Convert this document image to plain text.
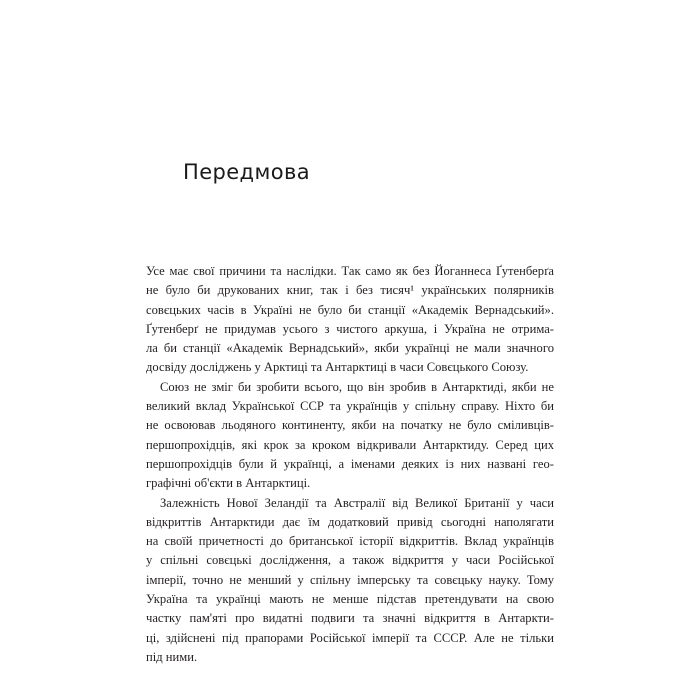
Передмова
Усе має свої причини та наслідки. Так само як без Йоганнеса Ґутенберґа
не було би друкованих книг, так і без тисяч¹ українських полярників
совєцьких часів в Україні не було би станції «Академік Вернадський».
Ґутенберґ не придумав усього з чистого аркуша, і Україна не отрима-
ла би станції «Академік Вернадський», якби українці не мали значного
досвіду досліджень у Арктиці та Антарктиці в часи Совєцького Союзу.
Союз не зміг би зробити всього, що він зробив в Антарктиді, якби не
великий вклад Української ССР та українців у спільну справу. Ніхто би
не освоював льодяного континенту, якби на початку не було сміливців-
першопрохідців, які крок за кроком відкривали Антарктиду. Серед цих
першопрохідців були й українці, а іменами деяких із них названі гео-
графічні об'єкти в Антарктиці.
Залежність Нової Зеландії та Австралії від Великої Британії у часи
відкриттів Антарктиди дає їм додатковий привід сьогодні наполягати
на своїй причетності до британської історії відкриттів. Вклад українців
у спільні совєцькі дослідження, а також відкриття у часи Російської
імперії, точно не менший у спільну імперську та совєцьку науку. Тому
Україна та українці мають не менше підстав претендувати на свою
частку пам'яті про видатні подвиги та значні відкриття в Антаркти-
ці, здійснені під прапорами Російської імперії та СССР. Але не тільки
під ними.
